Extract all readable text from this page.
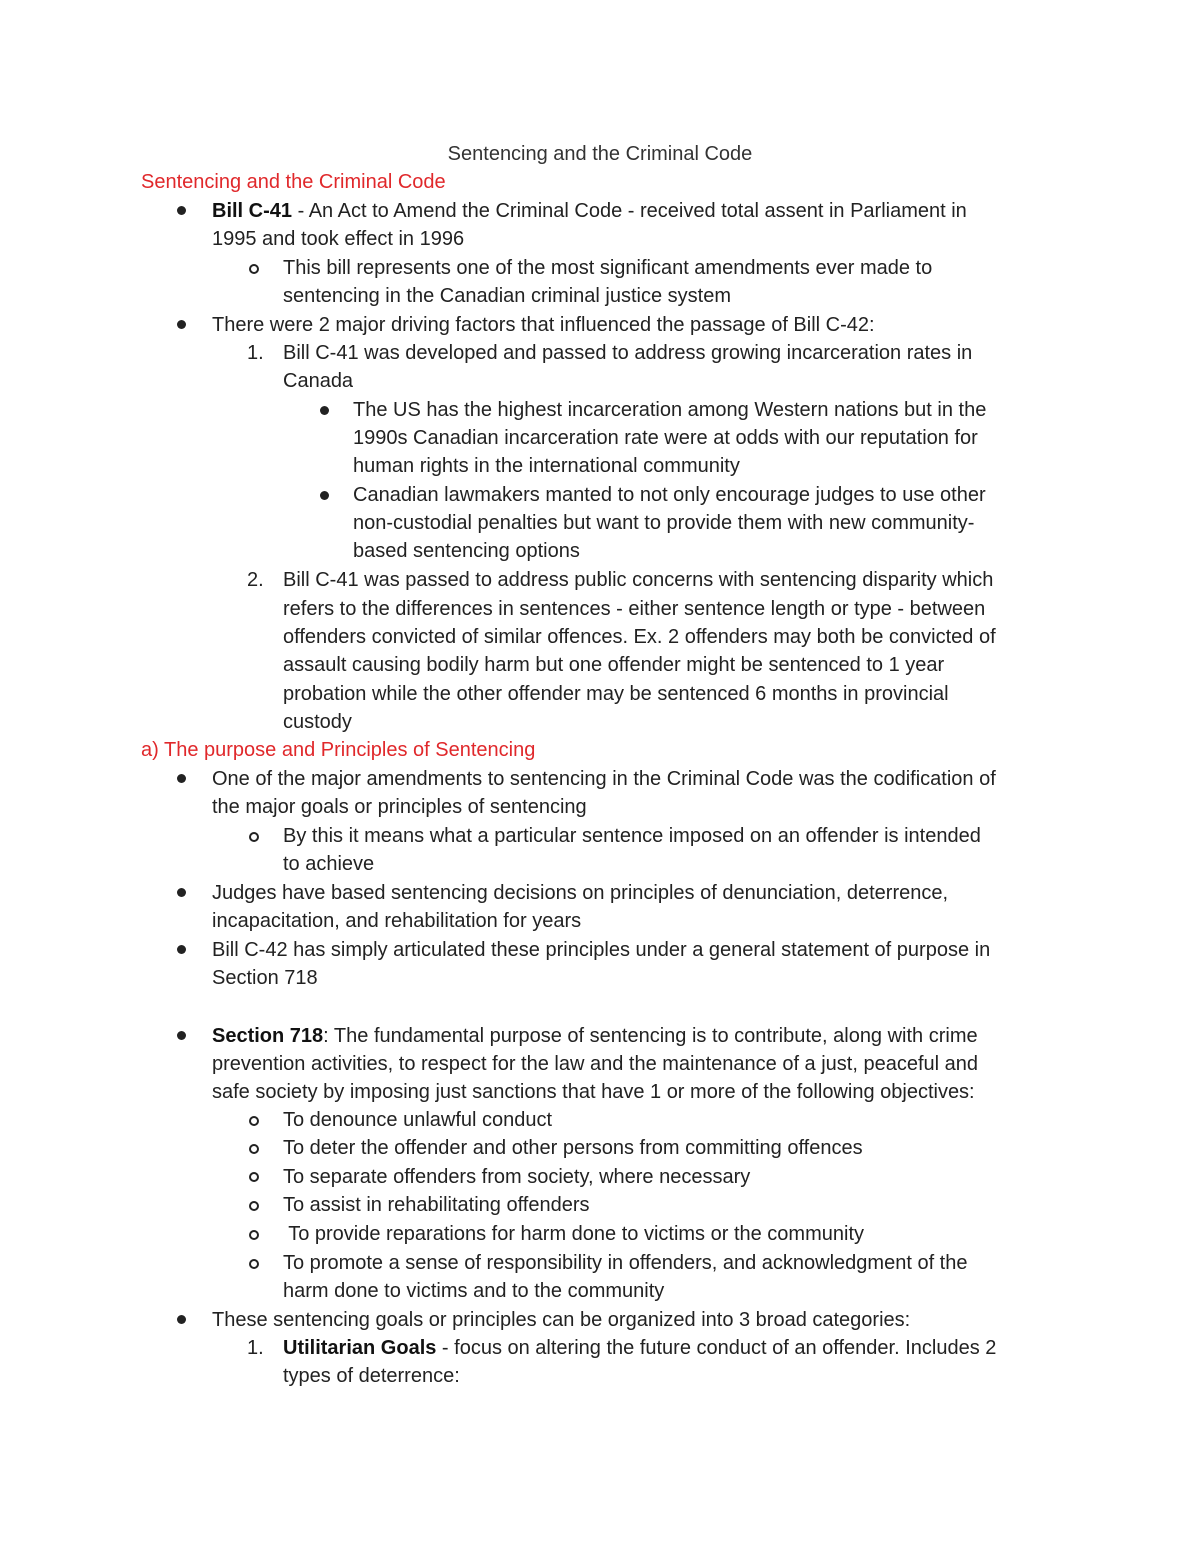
Sentencing and the Criminal Code
Sentencing and the Criminal Code
Bill C-41 - An Act to Amend the Criminal Code - received total assent in Parliament in
1995 and took effect in 1996
This bill represents one of the most significant amendments ever made to
sentencing in the Canadian criminal justice system
There were 2 major driving factors that influenced the passage of Bill C-42:
1. Bill C-41 was developed and passed to address growing incarceration rates in
Canada
The US has the highest incarceration among Western nations but in the
1990s Canadian incarceration rate were at odds with our reputation for
human rights in the international community
Canadian lawmakers manted to not only encourage judges to use other
non-custodial penalties but want to provide them with new community-
based sentencing options
2. Bill C-41 was passed to address public concerns with sentencing disparity which
refers to the differences in sentences - either sentence length or type - between
offenders convicted of similar offences. Ex. 2 offenders may both be convicted of
assault causing bodily harm but one offender might be sentenced to 1 year
probation while the other offender may be sentenced 6 months in provincial
custody
a) The purpose and Principles of Sentencing
One of the major amendments to sentencing in the Criminal Code was the codification of
the major goals or principles of sentencing
By this it means what a particular sentence imposed on an offender is intended
to achieve
Judges have based sentencing decisions on principles of denunciation, deterrence,
incapacitation, and rehabilitation for years
Bill C-42 has simply articulated these principles under a general statement of purpose in
Section 718
Section 718: The fundamental purpose of sentencing is to contribute, along with crime
prevention activities, to respect for the law and the maintenance of a just, peaceful and
safe society by imposing just sanctions that have 1 or more of the following objectives:
To denounce unlawful conduct
To deter the offender and other persons from committing offences
To separate offenders from society, where necessary
To assist in rehabilitating offenders
To provide reparations for harm done to victims or the community
To promote a sense of responsibility in offenders, and acknowledgment of the
harm done to victims and to the community
These sentencing goals or principles can be organized into 3 broad categories:
1. Utilitarian Goals - focus on altering the future conduct of an offender. Includes 2
types of deterrence:
